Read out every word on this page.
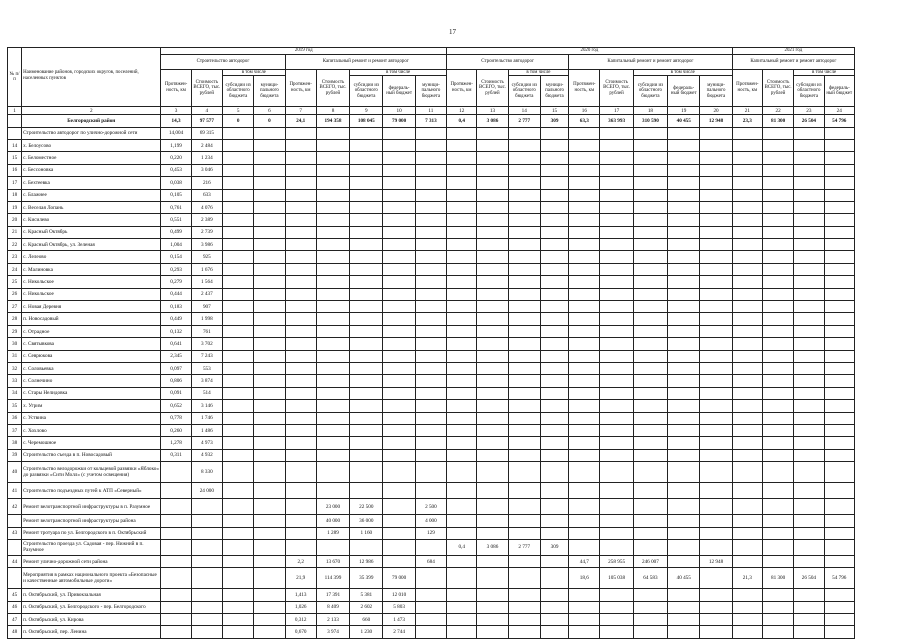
17
№ п/п	Наименование районов, городских округов, поселений, населенных пунктов	2019 год									2020 год									2021 год			
		Строительство автодорог				Капитальный ремонт и ремонт автодорог					Строительство автодорог				Капитальный ремонт и ремонт автодорог					Капитальный ремонт и ремонт автодорог			
		Протяжен-ность, км	Стоимость ВСЕГО, тыс. рублей	в том числе		Протяжен-ность, км	Стоимость ВСЕГО, тыс. рублей	в том числе			Протяжен-ность, км	Стоимость ВСЕГО, тыс. рублей	в том числе		Протяжен-ность, км	Стоимость ВСЕГО, тыс. рублей	в том числе			Протяжен-ность, км	Стоимость ВСЕГО, тыс. рублей	в том числе	
				субсидии из областного бюджета	муници-пального бюджета			субсидии из областного бюджета	федераль-ный бюджет	муници-пального бюджета			субсидии из областного бюджета	муници-пального бюджета			субсидии из областного бюджета	федераль-ный бюджет	муници-пального бюджета			субсидии из областного бюджета	федераль-ный бюджет
1	2	3	4	5	6	7	8	9	10	11	12	13	14	15	16	17	18	19	20	21	22	23	24
	Белгородский район	14,3	97 577	0	0	24,1	194 358	108 045	79 000	7 313	0,4	3 086	2 777	309	63,3	363 993	310 590	40 455	12 948	23,3	81 300	26 504	54 796
	Строительство автодорог по улично-дорожной сети	14,004	69 315																				
14	х. Белоусово	1,199	2 484																				
15	с. Беломестное	0,220	1 234																				
16	с. Бессоновка	0,453	3 046																				
17	с. Бехтеевка	0,038	216																				
18	с. Блажнее	0,105	633																				
19	с. Веселая Лопань	0,761	4 076																				
20	с. Кисилево	0,551	2 389																				
21	с. Красный Октябрь	0,499	2 739																				
22	с. Красный Октябрь, ул. Зеленая	1,004	3 986																				
23	с. Лелеово	0,154	925																				
24	с. Малиновка	0,293	1 676																				
25	с. Никольское	0,279	1 564																				
26	с. Никольское	0,444	2 437																				
27	с. Новая Деревня	0,183	907																				
28	п. Новосадовый	0,449	1 998																				
29	с. Отрадное	0,132	761																				
30	с. Святывкова	0,641	3 702																				
31	с. Севрюкова	2,345	7 243																				
32	с. Соловьевка	0,097	553																				
33	с. Солнечино	0,806	3 874																				
34	с. Стары Нелидовка	0,091	514																				
35	х. Угрим	0,652	3 146																				
36	с. Уствина	0,778	1 746																				
37	с. Хохлово	0,260	1 486																				
38	с. Черемошное	1,278	4 973																				
39	Строительство съезда в п. Новосадовый	0,311	4 932																				
40	Строительство велодорожки от кольцевой развязки «Яблоко» до развязки «Сити Молл» (с учетом освещения)		8 330																				
41	Строительство подъездных путей к АТП «Северный»		24 000																				
42	Ремонт велотранспортной инфраструктуры в п. Разумное						23 000	22 500		2 500													
	Ремонт велотранспортной инфраструктуры района						40 000	36 000		4 000													
43	Ремонт тротуара по ул. Белгородского в п. Октябрьский						1 289	1 160		129													
	Строительство проезда ул. Садовая - пер. Нижний в п. Разумное										0,4	3 086	2 777	309									
44	Ремонт улично-дорожной сети района					2,2	13 670	12 986		684					44,7	258 955	246 007		12 948				
	Мероприятия в рамках национального проекта «Безопасные и качественные автомобильные дороги»					21,9	114 399	35 399	79 000						18,6	105 038	64 583	40 455		21,3	81 300	26 504	54 796
45	п. Октябрьский, ул. Привокзальная					1,413	17 391	5 381	12 010														
46	п. Октябрьский, ул. Белгородского - пер. Белгородского					1,026	8 409	2 602	5 803														
47	п. Октябрьский, ул. Кирова					0,312	2 133	660	1 473														
48	п. Октябрьский, пер. Ленина					0,670	3 974	1 230	2 744														
